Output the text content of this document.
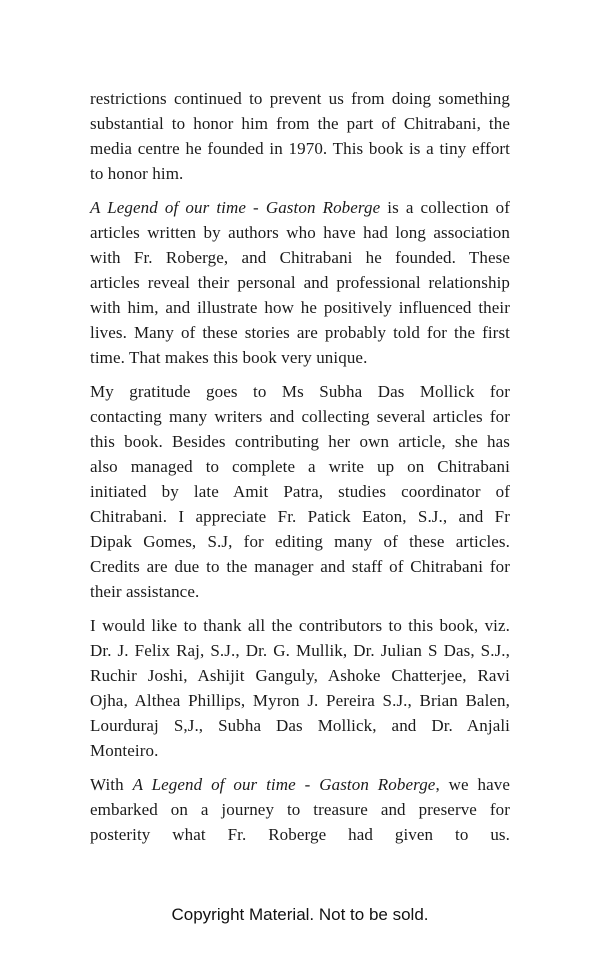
restrictions continued to prevent us from doing something
substantial to honor him from the part of Chitrabani, the
media centre he founded in 1970. This book is a tiny effort
to honor him.
A Legend of our time - Gaston Roberge is a collection of
articles written by authors who have had long association
with Fr. Roberge, and Chitrabani he founded. These
articles reveal their personal and professional relationship
with him, and illustrate how he positively influenced their
lives. Many of these stories are probably told for the first
time. That makes this book very unique.
My gratitude goes to Ms Subha Das Mollick for
contacting many writers and collecting several articles for
this book. Besides contributing her own article, she has
also managed to complete a write up on Chitrabani
initiated by late Amit Patra, studies coordinator of
Chitrabani. I appreciate Fr. Patick Eaton, S.J., and Fr
Dipak Gomes, S.J, for editing many of these articles.
Credits are due to the manager and staff of Chitrabani for
their assistance.
I would like to thank all the contributors to this book, viz.
Dr. J. Felix Raj, S.J., Dr. G. Mullik, Dr. Julian S Das, S.J.,
Ruchir Joshi, Ashijit Ganguly, Ashoke Chatterjee, Ravi
Ojha, Althea Phillips, Myron J. Pereira S.J., Brian Balen,
Lourduraj S,J., Subha Das Mollick, and Dr. Anjali
Monteiro.
With A Legend of our time - Gaston Roberge, we have
embarked on a journey to treasure and preserve for
posterity what Fr. Roberge had given to us.
Copyright Material. Not to be sold.
